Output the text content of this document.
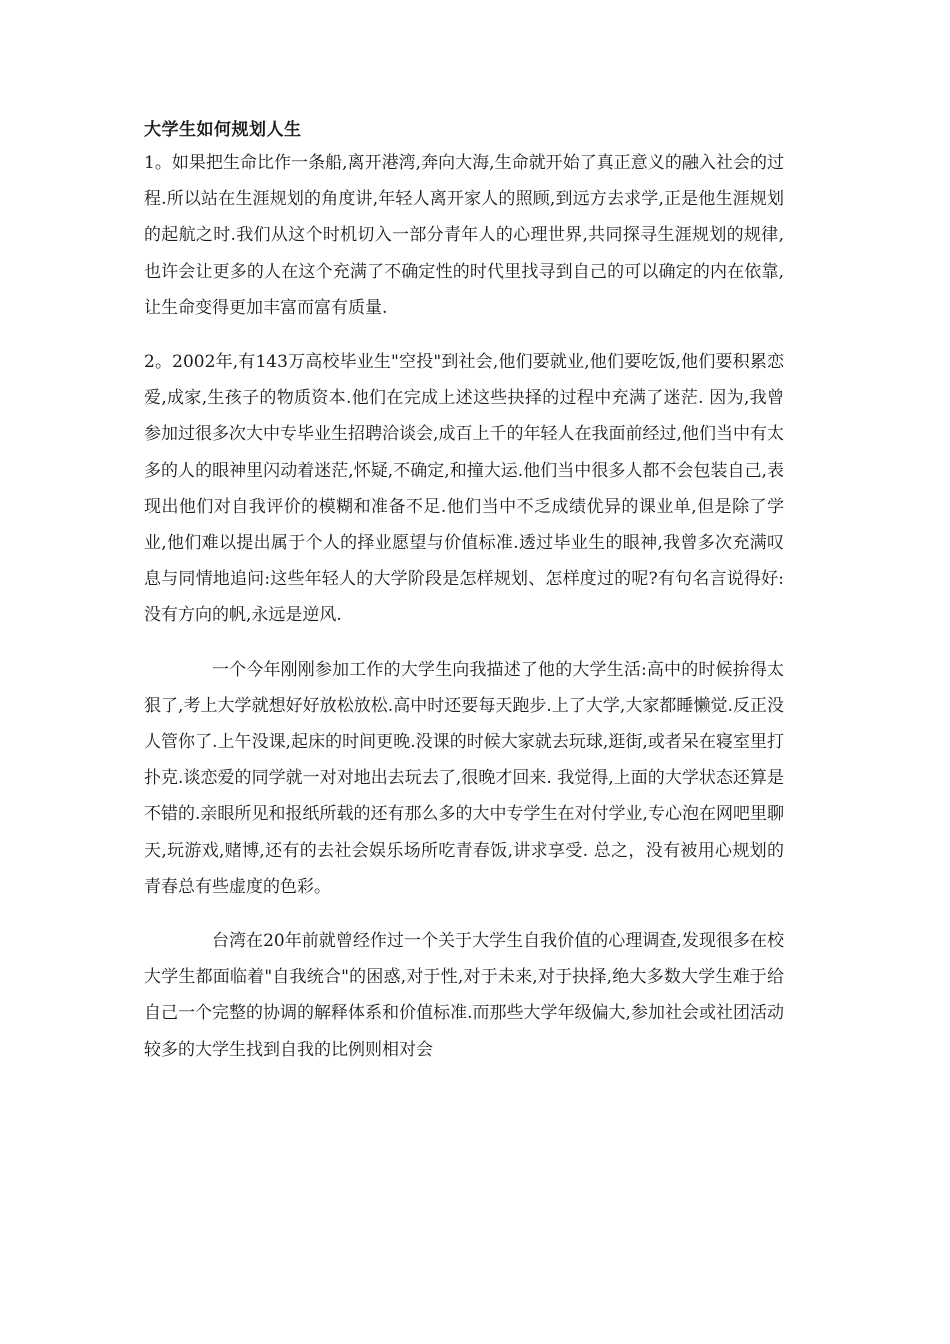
大学生如何规划人生

1。如果把生命比作一条船,离开港湾,奔向大海,生命就开始了真正意义的融入社会的过程.所以站在生涯规划的角度讲,年轻人离开家人的照顾,到远方去求学,正是他生涯规划的起航之时.我们从这个时机切入一部分青年人的心理世界,共同探寻生涯规划的规律,也许会让更多的人在这个充满了不确定性的时代里找寻到自己的可以确定的内在依靠,让生命变得更加丰富而富有质量.

2。2002年,有143万高校毕业生"空投"到社会,他们要就业,他们要吃饭,他们要积累恋爱,成家,生孩子的物质资本.他们在完成上述这些抉择的过程中充满了迷茫. 因为,我曾参加过很多次大中专毕业生招聘洽谈会,成百上千的年轻人在我面前经过,他们当中有太多的人的眼神里闪动着迷茫,怀疑,不确定,和撞大运.他们当中很多人都不会包装自己,表现出他们对自我评价的模糊和准备不足.他们当中不乏成绩优异的课业单,但是除了学业,他们难以提出属于个人的择业愿望与价值标准.透过毕业生的眼神,我曾多次充满叹息与同情地追问:这些年轻人的大学阶段是怎样规划、怎样度过的呢?有句名言说得好:没有方向的帆,永远是逆风.

一个今年刚刚参加工作的大学生向我描述了他的大学生活:高中的时候拚得太狠了,考上大学就想好好放松放松.高中时还要每天跑步.上了大学,大家都睡懒觉.反正没人管你了.上午没课,起床的时间更晚.没课的时候大家就去玩球,逛街,或者呆在寝室里打扑克.谈恋爱的同学就一对对地出去玩去了,很晚才回来. 我觉得,上面的大学状态还算是不错的.亲眼所见和报纸所载的还有那么多的大中专学生在对付学业,专心泡在网吧里聊天,玩游戏,赌博,还有的去社会娱乐场所吃青春饭,讲求享受. 总之，没有被用心规划的青春总有些虚度的色彩。

台湾在20年前就曾经作过一个关于大学生自我价值的心理调查,发现很多在校大学生都面临着"自我统合"的困惑,对于性,对于未来,对于抉择,绝大多数大学生难于给自己一个完整的协调的解释体系和价值标准.而那些大学年级偏大,参加社会或社团活动较多的大学生找到自我的比例则相对会
